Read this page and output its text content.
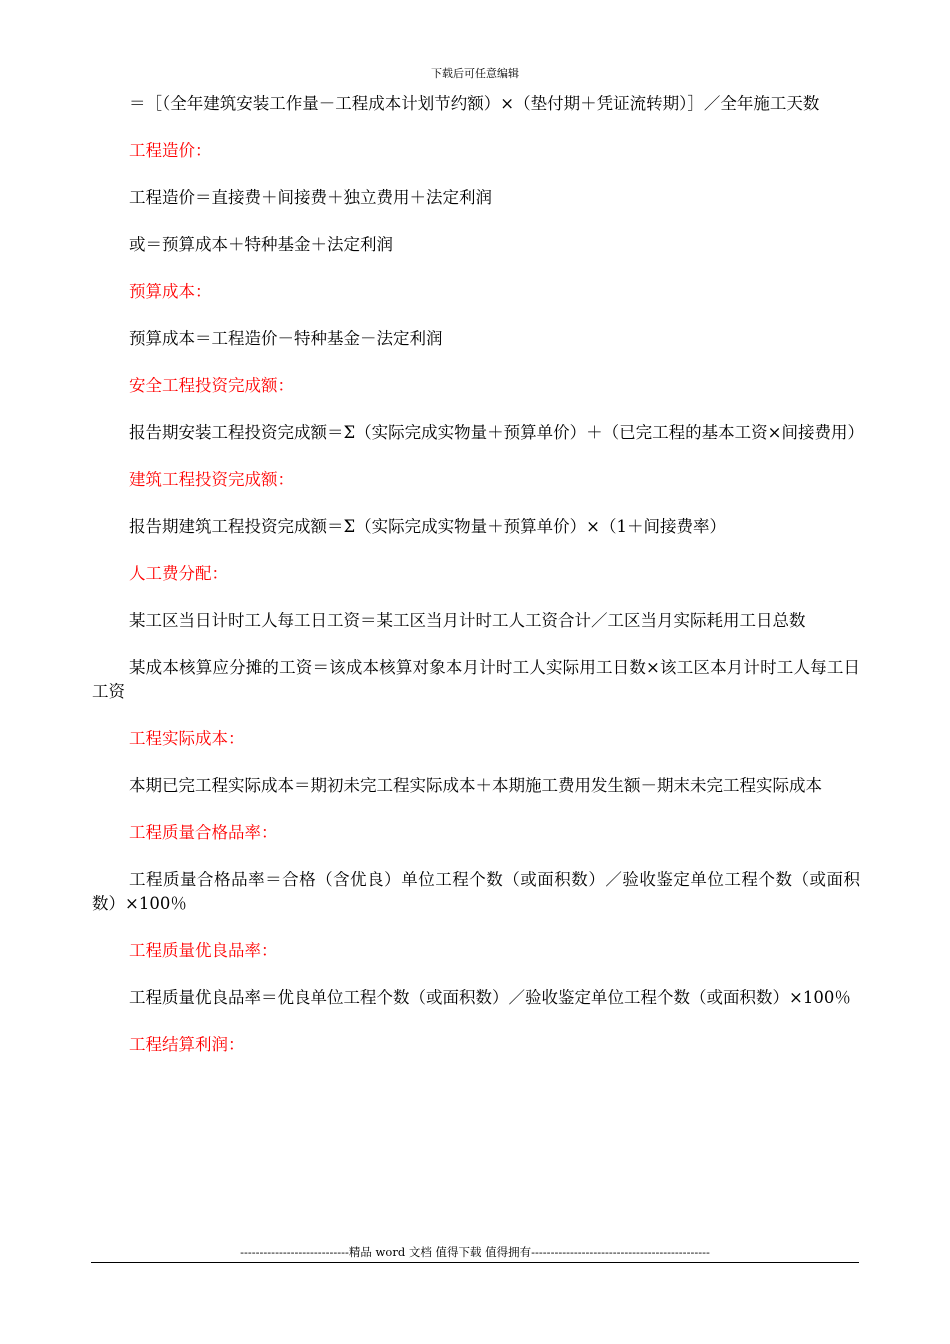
下载后可任意编辑

＝［（全年建筑安装工作量－工程成本计划节约额）×（垫付期＋凭证流转期）］／全年施工天数

工程造价：

工程造价＝直接费＋间接费＋独立费用＋法定利润

或＝预算成本＋特种基金＋法定利润

预算成本：

预算成本＝工程造价－特种基金－法定利润

安全工程投资完成额：

报告期安装工程投资完成额＝Σ（实际完成实物量＋预算单价）＋（已完工程的基本工资×间接费用）

建筑工程投资完成额：

报告期建筑工程投资完成额＝Σ（实际完成实物量＋预算单价）×（1＋间接费率）

人工费分配：

某工区当日计时工人每工日工资＝某工区当月计时工人工资合计／工区当月实际耗用工日总数

某成本核算应分摊的工资＝该成本核算对象本月计时工人实际用工日数×该工区本月计时工人每工日工资

工程实际成本：

本期已完工程实际成本＝期初未完工程实际成本＋本期施工费用发生额－期末未完工程实际成本

工程质量合格品率：

工程质量合格品率＝合格（含优良）单位工程个数（或面积数）／验收鉴定单位工程个数（或面积数）×100％

工程质量优良品率：

工程质量优良品率＝优良单位工程个数（或面积数）／验收鉴定单位工程个数（或面积数）×100％

工程结算利润：

----------------------------精品 word 文档 值得下载 值得拥有----------------------------------------------
